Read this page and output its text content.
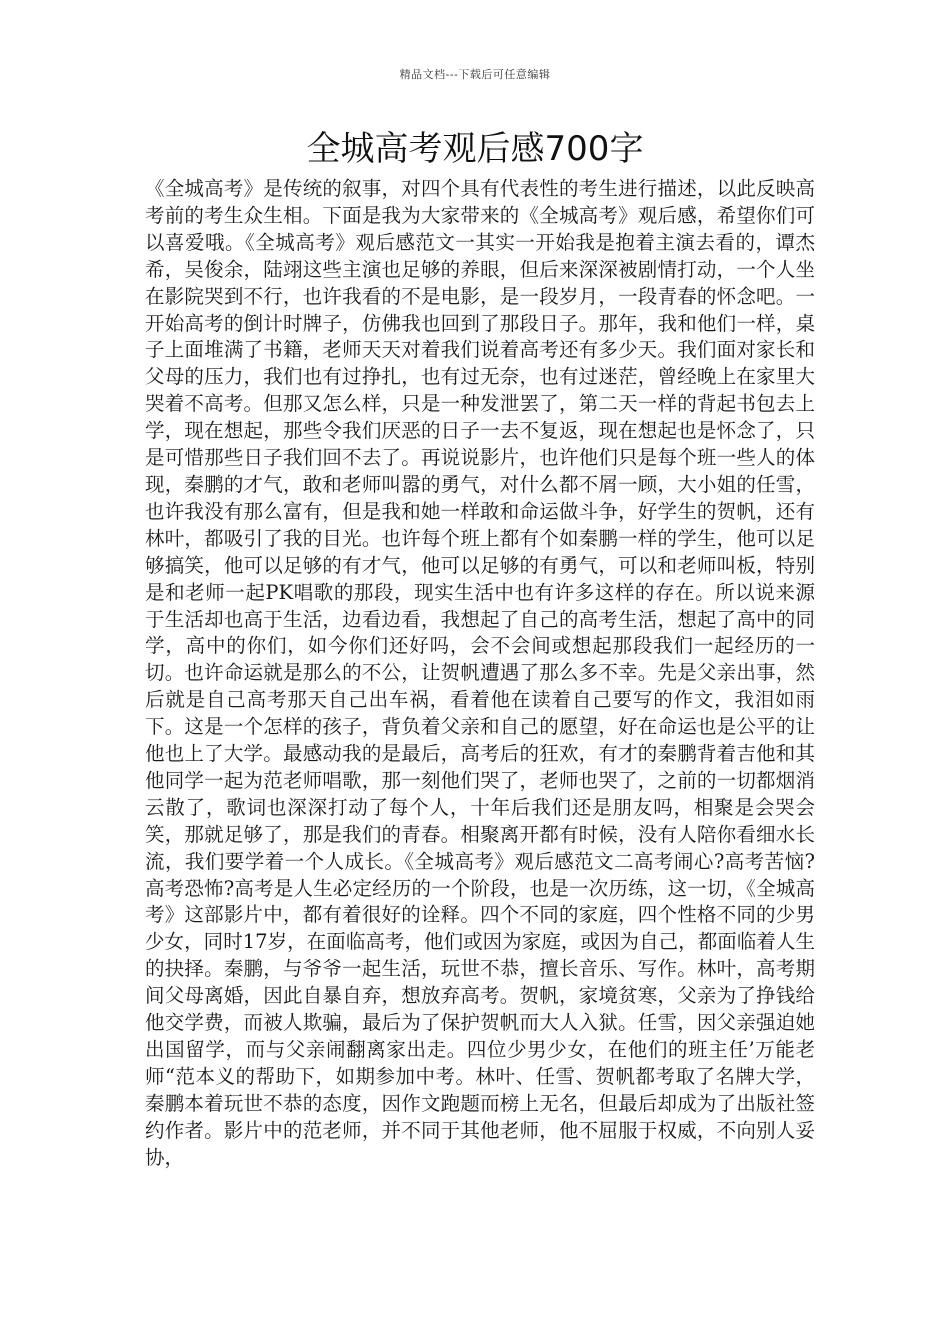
精品文档---下载后可任意编辑
全城高考观后感700字

《全城高考》是传统的叙事，对四个具有代表性的考生进行描述，以此反映高考前的考生众生相。下面是我为大家带来的《全城高考》观后感，希望你们可以喜爱哦。《全城高考》观后感范文一其实一开始我是抱着主演去看的，谭杰希，吴俊余，陆翊这些主演也足够的养眼，但后来深深被剧情打动，一个人坐在影院哭到不行，也许我看的不是电影，是一段岁月，一段青春的怀念吧。一开始高考的倒计时牌子，仿佛我也回到了那段日子。那年，我和他们一样，桌子上面堆满了书籍，老师天天对着我们说着高考还有多少天。我们面对家长和父母的压力，我们也有过挣扎，也有过无奈，也有过迷茫，曾经晚上在家里大哭着不高考。但那又怎么样，只是一种发泄罢了，第二天一样的背起书包去上学，现在想起，那些令我们厌恶的日子一去不复返，现在想起也是怀念了，只是可惜那些日子我们回不去了。再说说影片，也许他们只是每个班一些人的体现，秦鹏的才气，敢和老师叫嚣的勇气，对什么都不屑一顾，大小姐的任雪，也许我没有那么富有，但是我和她一样敢和命运做斗争，好学生的贺帆，还有林叶，都吸引了我的目光。也许每个班上都有个如秦鹏一样的学生，他可以足够搞笑，他可以足够的有才气，他可以足够的有勇气，可以和老师叫板，特别是和老师一起PK唱歌的那段，现实生活中也有许多这样的存在。所以说来源于生活却也高于生活，边看边看，我想起了自己的高考生活，想起了高中的同学，高中的你们，如今你们还好吗，会不会间或想起那段我们一起经历的一切。也许命运就是那么的不公，让贺帆遭遇了那么多不幸。先是父亲出事，然后就是自己高考那天自己出车祸，看着他在读着自己要写的作文，我泪如雨下。这是一个怎样的孩子，背负着父亲和自己的愿望，好在命运也是公平的让他也上了大学。最感动我的是最后，高考后的狂欢，有才的秦鹏背着吉他和其他同学一起为范老师唱歌，那一刻他们哭了，老师也哭了，之前的一切都烟消云散了，歌词也深深打动了每个人，十年后我们还是朋友吗，相聚是会哭会笑，那就足够了，那是我们的青春。相聚离开都有时候，没有人陪你看细水长流，我们要学着一个人成长。《全城高考》观后感范文二高考闹心?高考苦恼?高考恐怖?高考是人生必定经历的一个阶段，也是一次历练，这一切，《全城高考》这部影片中，都有着很好的诠释。四个不同的家庭，四个性格不同的少男少女，同时17岁，在面临高考，他们或因为家庭，或因为自己，都面临着人生的抉择。秦鹏，与爷爷一起生活，玩世不恭，擅长音乐、写作。林叶，高考期间父母离婚，因此自暴自弃，想放弃高考。贺帆，家境贫寒，父亲为了挣钱给他交学费，而被人欺骗，最后为了保护贺帆而大人入狱。任雪，因父亲强迫她出国留学，而与父亲闹翻离家出走。四位少男少女，在他们的班主任’万能老师“范本义的帮助下，如期参加中考。林叶、任雪、贺帆都考取了名牌大学，秦鹏本着玩世不恭的态度，因作文跑题而榜上无名，但最后却成为了出版社签约作者。影片中的范老师，并不同于其他老师，他不屈服于权威，不向别人妥协，
